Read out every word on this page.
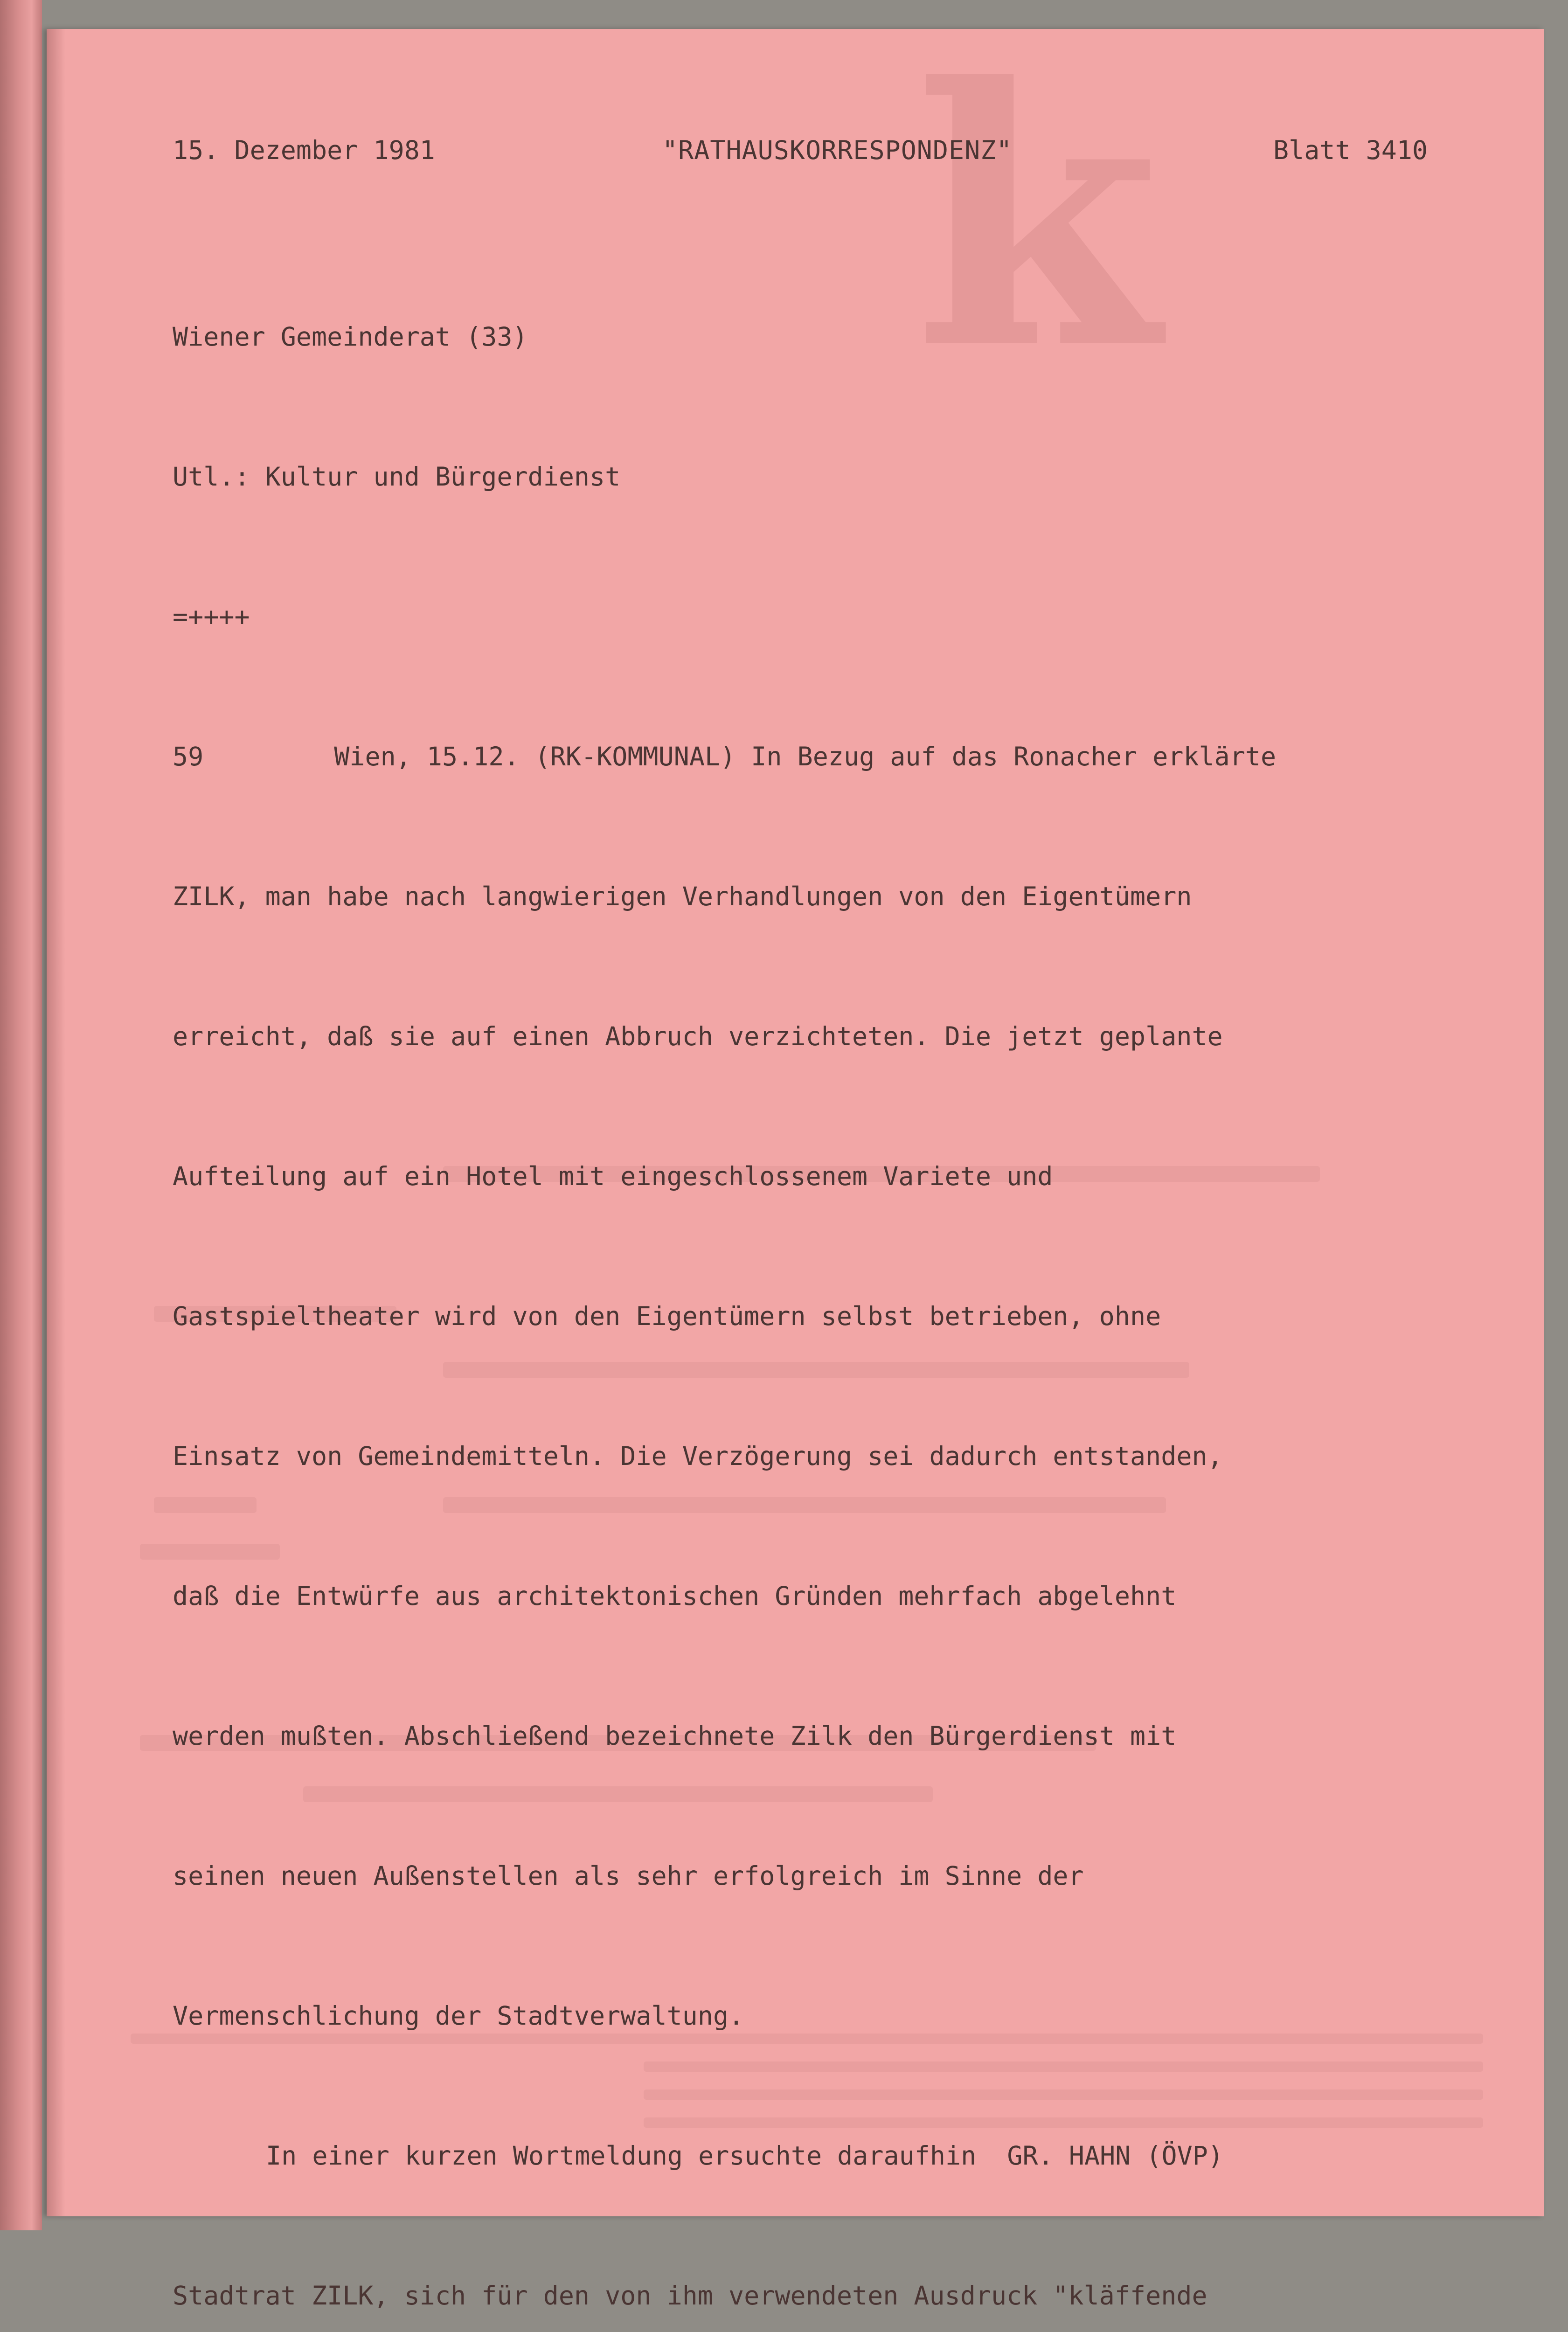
k

15. Dezember 1981	"RATHAUSKORRESPONDENZ"	Blatt 3410

Wiener Gemeinderat (33)

Utl.: Kultur und Bürgerdienst

=++++

59	Wien, 15.12. (RK-KOMMUNAL) In Bezug auf das Ronacher erklärte

ZILK, man habe nach langwierigen Verhandlungen von den Eigentümern

erreicht, daß sie auf einen Abbruch verzichteten. Die jetzt geplante

Aufteilung auf ein Hotel mit eingeschlossenem Variete und

Gastspieltheater wird von den Eigentümern selbst betrieben, ohne

Einsatz von Gemeindemitteln. Die Verzögerung sei dadurch entstanden,

daß die Entwürfe aus architektonischen Gründen mehrfach abgelehnt

werden mußten. Abschließend bezeichnete Zilk den Bürgerdienst mit

seinen neuen Außenstellen als sehr erfolgreich im Sinne der

Vermenschlichung der Stadtverwaltung.

In einer kurzen Wortmeldung ersuchte daraufhin  GR. HAHN (ÖVP)

Stadtrat ZILK, sich für den von ihm verwendeten Ausdruck "kläffende
